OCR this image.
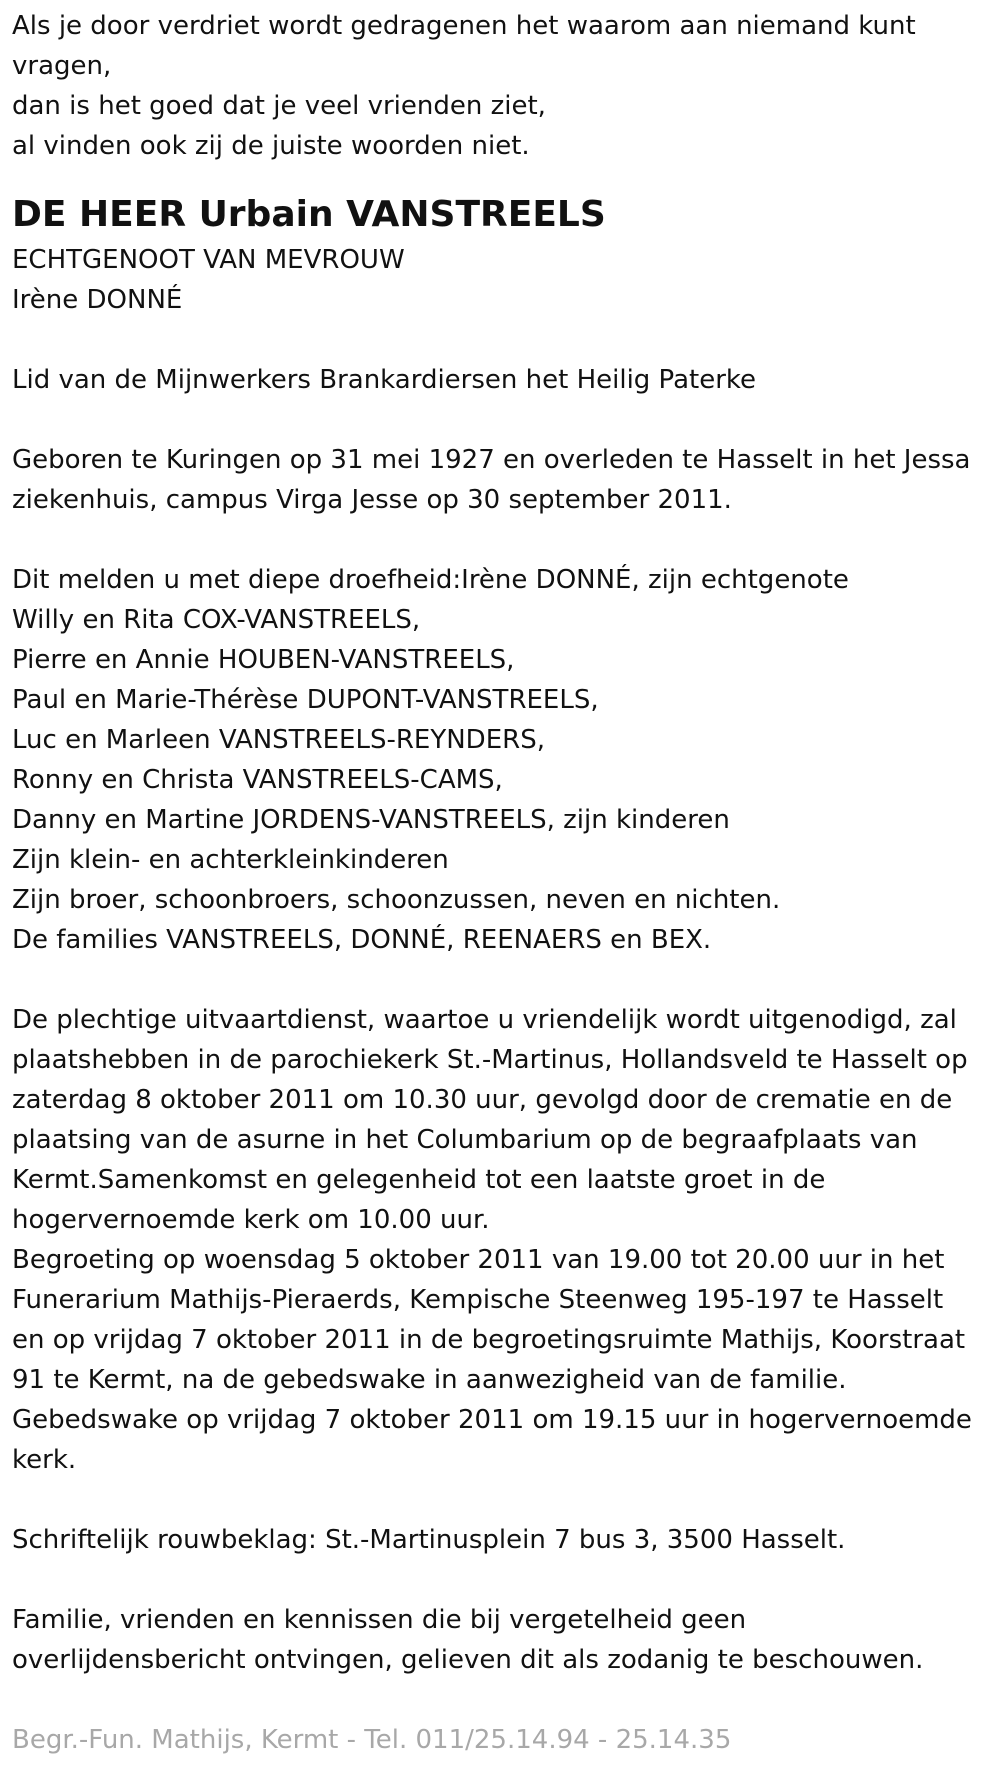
Als je door verdriet wordt gedragenen het waarom aan niemand kunt
vragen,
dan is het goed dat je veel vrienden ziet,
al vinden ook zij de juiste woorden niet.
DE HEER Urbain VANSTREELS
ECHTGENOOT VAN MEVROUW
Irène DONNÉ
Lid van de Mijnwerkers Brankardiersen het Heilig Paterke
Geboren te Kuringen op 31 mei 1927 en overleden te Hasselt in het Jessa
ziekenhuis, campus Virga Jesse op 30 september 2011.
Dit melden u met diepe droefheid:Irène DONNÉ, zijn echtgenote
Willy en Rita COX-VANSTREELS,
Pierre en Annie HOUBEN-VANSTREELS,
Paul en Marie-Thérèse DUPONT-VANSTREELS,
Luc en Marleen VANSTREELS-REYNDERS,
Ronny en Christa VANSTREELS-CAMS,
Danny en Martine JORDENS-VANSTREELS, zijn kinderen
Zijn klein- en achterkleinkinderen
Zijn broer, schoonbroers, schoonzussen, neven en nichten.
De families VANSTREELS, DONNÉ, REENAERS en BEX.
De plechtige uitvaartdienst, waartoe u vriendelijk wordt uitgenodigd, zal
plaatshebben in de parochiekerk St.-Martinus, Hollandsveld te Hasselt op
zaterdag 8 oktober 2011 om 10.30 uur, gevolgd door de crematie en de
plaatsing van de asurne in het Columbarium op de begraafplaats van
Kermt.Samenkomst en gelegenheid tot een laatste groet in de
hogervernoemde kerk om 10.00 uur.
Begroeting op woensdag 5 oktober 2011 van 19.00 tot 20.00 uur in het
Funerarium Mathijs-Pieraerds, Kempische Steenweg 195-197 te Hasselt
en op vrijdag 7 oktober 2011 in de begroetingsruimte Mathijs, Koorstraat
91 te Kermt, na de gebedswake in aanwezigheid van de familie.
Gebedswake op vrijdag 7 oktober 2011 om 19.15 uur in hogervernoemde
kerk.
Schriftelijk rouwbeklag: St.-Martinusplein 7 bus 3, 3500 Hasselt.
Familie, vrienden en kennissen die bij vergetelheid geen
overlijdensbericht ontvingen, gelieven dit als zodanig te beschouwen.
Begr.-Fun. Mathijs, Kermt - Tel. 011/25.14.94 - 25.14.35
